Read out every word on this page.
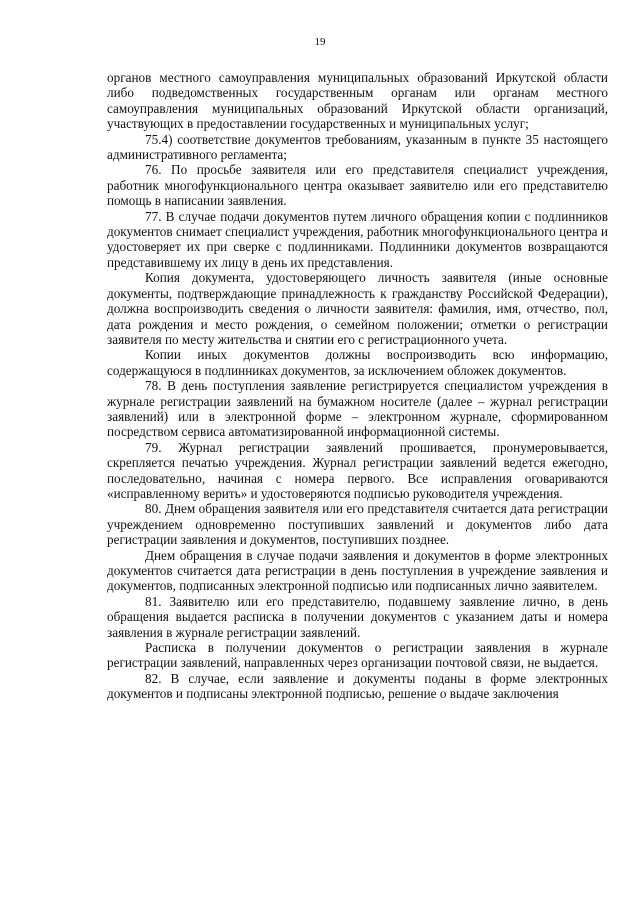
19

органов местного самоуправления муниципальных образований Иркутской области либо подведомственных государственным органам или органам местного самоуправления муниципальных образований Иркутской области организаций, участвующих в предоставлении государственных и муниципальных услуг;

75.4) соответствие документов требованиям, указанным в пункте 35 настоящего административного регламента;

76. По просьбе заявителя или его представителя специалист учреждения, работник многофункционального центра оказывает заявителю или его представителю помощь в написании заявления.

77. В случае подачи документов путем личного обращения копии с подлинников документов снимает специалист учреждения, работник многофункционального центра и удостоверяет их при сверке с подлинниками. Подлинники документов возвращаются представившему их лицу в день их представления.

Копия документа, удостоверяющего личность заявителя (иные основные документы, подтверждающие принадлежность к гражданству Российской Федерации), должна воспроизводить сведения о личности заявителя: фамилия, имя, отчество, пол, дата рождения и место рождения, о семейном положении; отметки о регистрации заявителя по месту жительства и снятии его с регистрационного учета.

Копии иных документов должны воспроизводить всю информацию, содержащуюся в подлинниках документов, за исключением обложек документов.

78. В день поступления заявление регистрируется специалистом учреждения в журнале регистрации заявлений на бумажном носителе (далее – журнал регистрации заявлений) или в электронной форме – электронном журнале, сформированном посредством сервиса автоматизированной информационной системы.

79. Журнал регистрации заявлений прошивается, пронумеровывается, скрепляется печатью учреждения. Журнал регистрации заявлений ведется ежегодно, последовательно, начиная с номера первого. Все исправления оговариваются «исправленному верить» и удостоверяются подписью руководителя учреждения.

80. Днем обращения заявителя или его представителя считается дата регистрации учреждением одновременно поступивших заявлений и документов либо дата регистрации заявления и документов, поступивших позднее.

Днем обращения в случае подачи заявления и документов в форме электронных документов считается дата регистрации в день поступления в учреждение заявления и документов, подписанных электронной подписью или подписанных лично заявителем.

81. Заявителю или его представителю, подавшему заявление лично, в день обращения выдается расписка в получении документов с указанием даты и номера заявления в журнале регистрации заявлений.

Расписка в получении документов о регистрации заявления в журнале регистрации заявлений, направленных через организации почтовой связи, не выдается.

82. В случае, если заявление и документы поданы в форме электронных документов и подписаны электронной подписью, решение о выдаче заключения
